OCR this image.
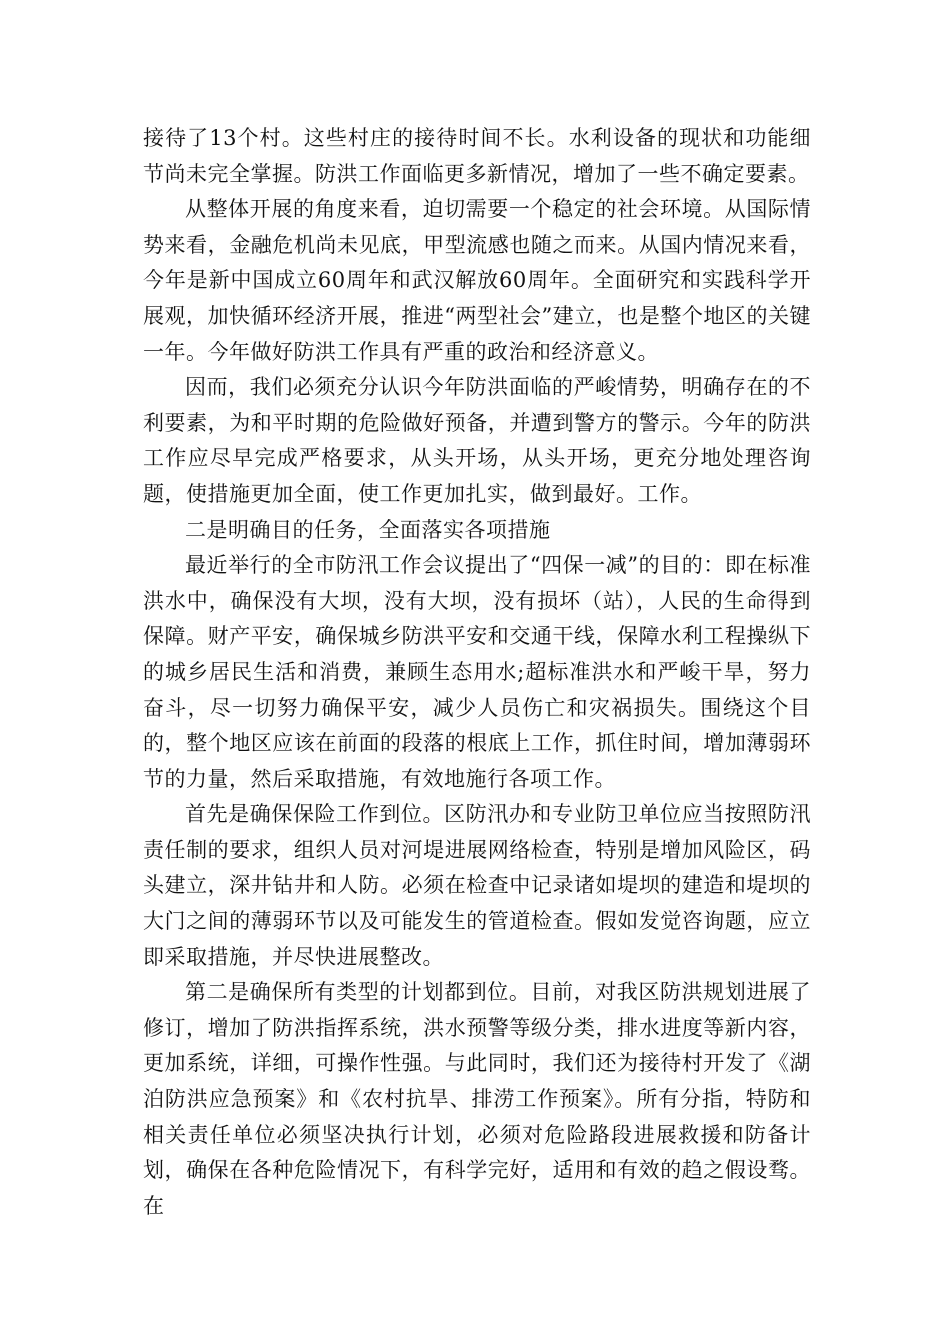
接待了13个村。这些村庄的接待时间不长。水利设备的现状和功能细节尚未完全掌握。防洪工作面临更多新情况，增加了一些不确定要素。

从整体开展的角度来看，迫切需要一个稳定的社会环境。从国际情势来看，金融危机尚未见底，甲型流感也随之而来。从国内情况来看，今年是新中国成立60周年和武汉解放60周年。全面研究和实践科学开展观，加快循环经济开展，推进“两型社会”建立，也是整个地区的关键一年。今年做好防洪工作具有严重的政治和经济意义。

因而，我们必须充分认识今年防洪面临的严峻情势，明确存在的不利要素，为和平时期的危险做好预备，并遭到警方的警示。今年的防洪工作应尽早完成严格要求，从头开场，从头开场，更充分地处理咨询题，使措施更加全面，使工作更加扎实，做到最好。工作。

二是明确目的任务，全面落实各项措施

最近举行的全市防汛工作会议提出了“四保一减”的目的：即在标准洪水中，确保没有大坝，没有大坝，没有损坏（站），人民的生命得到保障。财产平安，确保城乡防洪平安和交通干线，保障水利工程操纵下的城乡居民生活和消费，兼顾生态用水;超标准洪水和严峻干旱，努力奋斗，尽一切努力确保平安，减少人员伤亡和灾祸损失。围绕这个目的，整个地区应该在前面的段落的根底上工作，抓住时间，增加薄弱环节的力量，然后采取措施，有效地施行各项工作。

首先是确保保险工作到位。区防汛办和专业防卫单位应当按照防汛责任制的要求，组织人员对河堤进展网络检查，特别是增加风险区，码头建立，深井钻井和人防。必须在检查中记录诸如堤坝的建造和堤坝的大门之间的薄弱环节以及可能发生的管道检查。假如发觉咨询题，应立即采取措施，并尽快进展整改。

第二是确保所有类型的计划都到位。目前，对我区防洪规划进展了修订，增加了防洪指挥系统，洪水预警等级分类，排水进度等新内容，更加系统，详细，可操作性强。与此同时，我们还为接待村开发了《湖泊防洪应急预案》和《农村抗旱、排涝工作预案》。所有分指，特防和相关责任单位必须坚决执行计划，必须对危险路段进展救援和防备计划，确保在各种危险情况下，有科学完好，适用和有效的趋之假设骛。在
